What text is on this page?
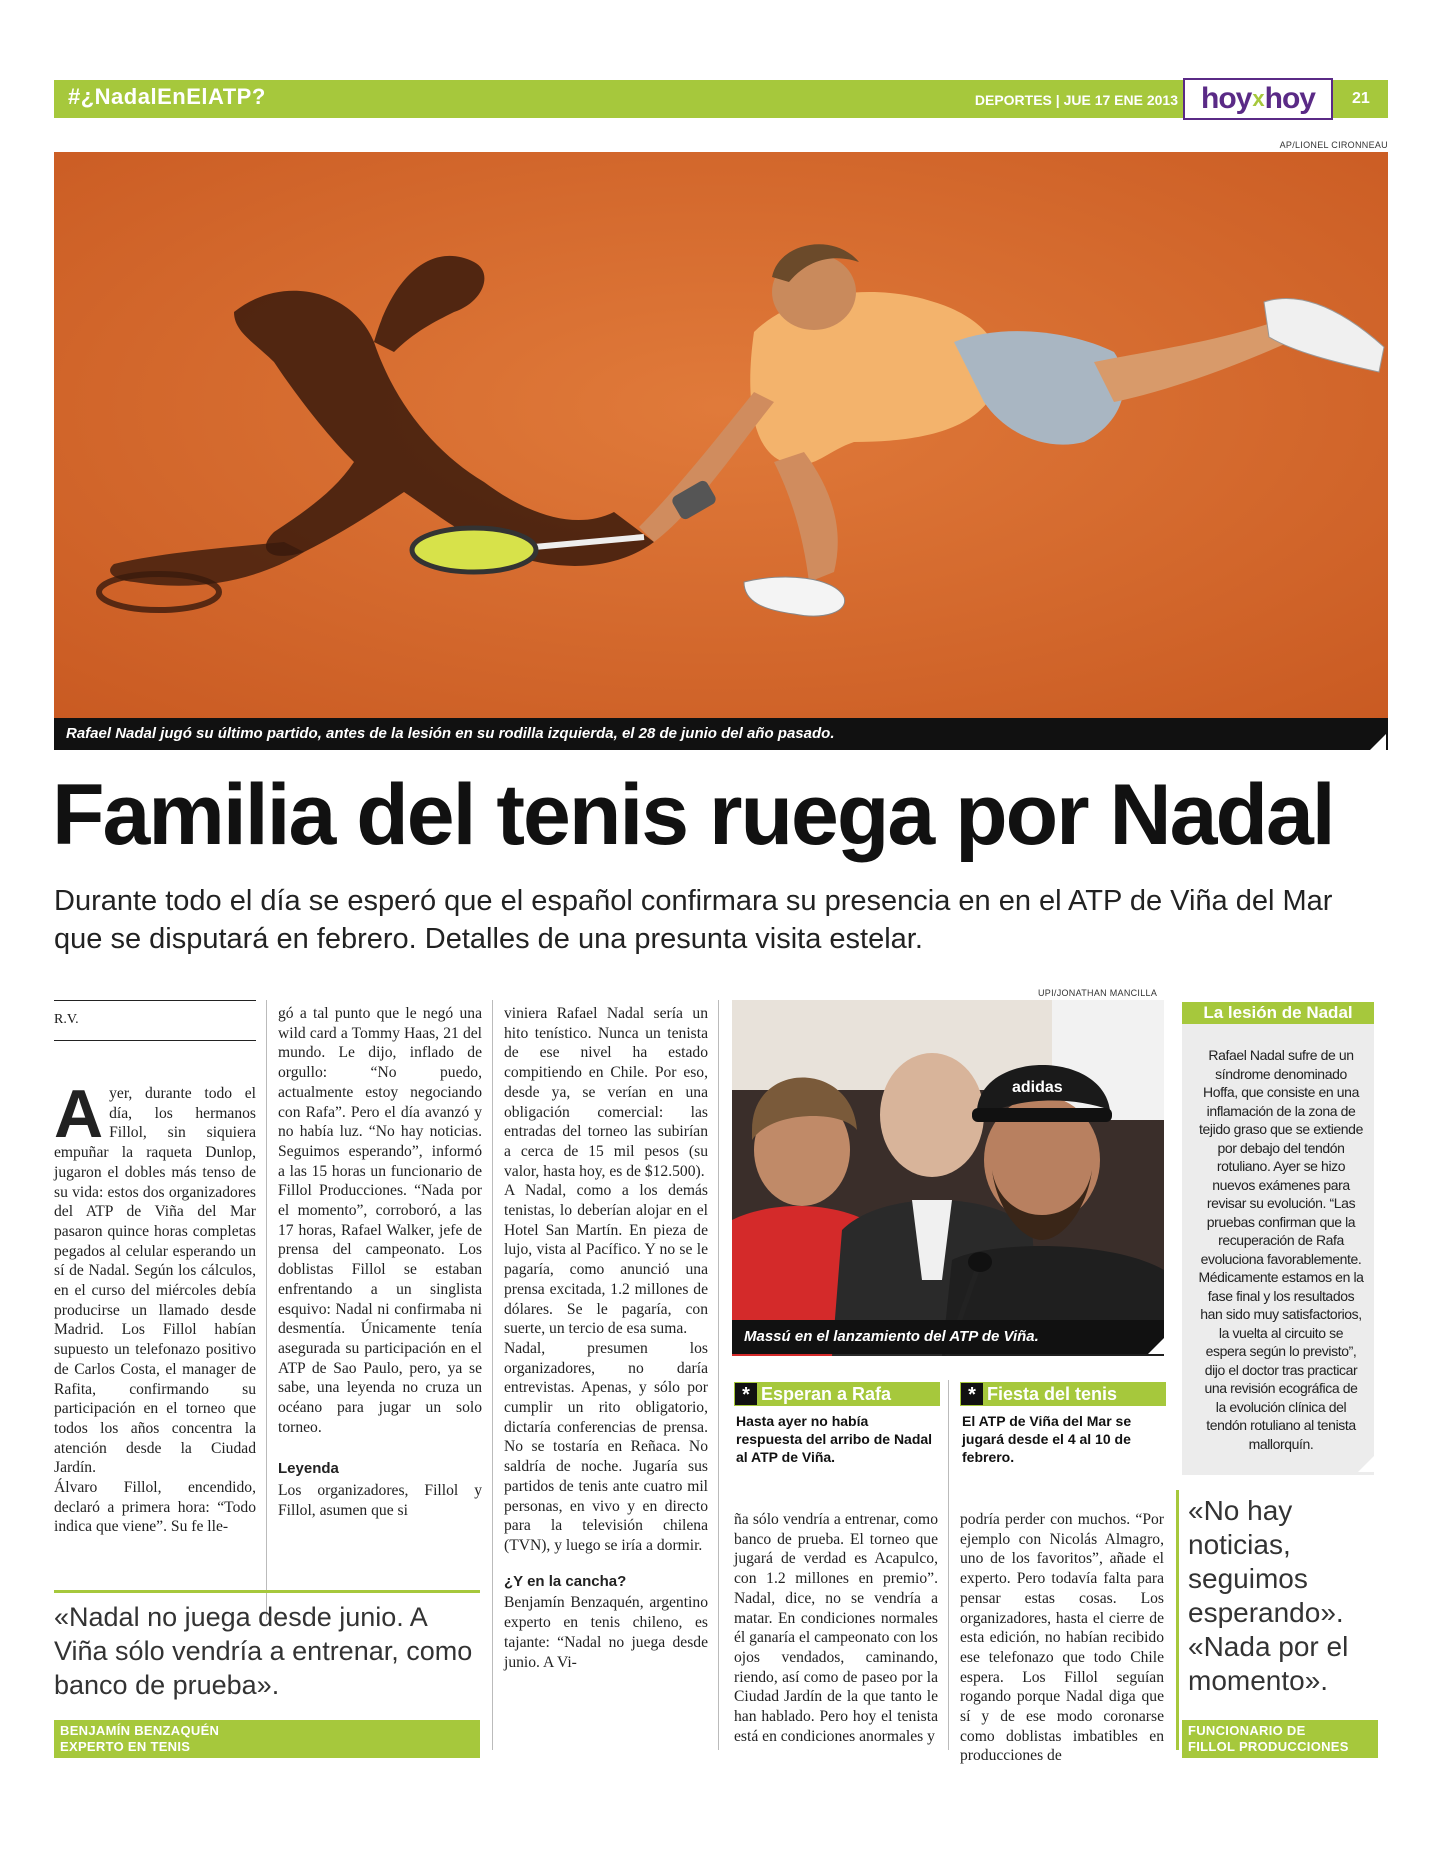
#¿NadalEnElATP?	DEPORTES | JUE 17 ENE 2013 hoy x hoy 21
AP/LIONEL CIRONNEAU
Rafael Nadal jugó su último partido, antes de la lesión en su rodilla izquierda, el 28 de junio del año pasado.
Familia del tenis ruega por Nadal
Durante todo el día se esperó que el español confirmara su presencia en en el ATP de Viña del Mar que se disputará en febrero. Detalles de una presunta visita estelar.
R.V.
A yer, durante todo el día, los hermanos Fillol, sin siquiera empuñar la raqueta Dunlop, jugaron el dobles más tenso de su vida: estos dos organizadores del ATP de Viña del Mar pasaron quince horas completas pegados al celular esperando un sí de Nadal. Según los cálculos, en el curso del miércoles debía producirse un llamado desde Madrid. Los Fillol habían supuesto un telefonazo positivo de Carlos Costa, el manager de Rafita, confirmando su participación en el torneo que todos los años concentra la atención desde la Ciudad Jardín.

Álvaro Fillol, encendido, declaró a primera hora: “Todo indica que viene”. Su fe lle-

gó a tal punto que le negó una wild card a Tommy Haas, 21 del mundo. Le dijo, inflado de orgullo: “No puedo, actualmente estoy negociando con Rafa”. Pero el día avanzó y no había luz. “No hay noticias. Seguimos esperando”, informó a las 15 horas un funcionario de Fillol Producciones. “Nada por el momento”, corroboró, a las 17 horas, Rafael Walker, jefe de prensa del campeonato. Los doblistas Fillol se estaban enfrentando a un singlista esquivo: Nadal ni confirmaba ni desmentía. Únicamente tenía asegurada su participación en el ATP de Sao Paulo, pero, ya se sabe, una leyenda no cruza un océano para jugar un solo torneo.

Leyenda

Los organizadores, Fillol y Fillol, asumen que si

viniera Rafael Nadal sería un hito tenístico. Nunca un tenista de ese nivel ha estado compitiendo en Chile. Por eso, desde ya, se verían en una obligación comercial: las entradas del torneo las subirían a cerca de 15 mil pesos (su valor, hasta hoy, es de $12.500).

A Nadal, como a los demás tenistas, lo deberían alojar en el Hotel San Martín. En pieza de lujo, vista al Pacífico. Y no se le pagaría, como anunció una prensa excitada, 1.2 millones de dólares. Se le pagaría, con suerte, un tercio de esa suma.

Nadal, presumen los organizadores, no daría entrevistas. Apenas, y sólo por cumplir un rito obligatorio, dictaría conferencias de prensa. No se tostaría en Reñaca. No saldría de noche. Jugaría sus partidos de tenis ante cuatro mil personas, en vivo y en directo para la televisión chilena (TVN), y luego se iría a dormir.

¿Y en la cancha?

Benjamín Benzaquén, argentino experto en tenis chileno, es tajante: “Nadal no juega desde junio. A Vi-

«Nadal no juega desde junio. A Viña sólo vendría a entrenar, como banco de prueba».
BENJAMÍN BENZAQUÉN
EXPERTO EN TENIS
UPI/JONATHAN MANCILLA
adidas
Massú en el lanzamiento del ATP de Viña.
* Esperan a Rafa
Hasta ayer no había respuesta del arribo de Nadal al ATP de Viña.
* Fiesta del tenis
El ATP de Viña del Mar se jugará desde el 4 al 10 de febrero.

ña sólo vendría a entrenar, como banco de prueba. El torneo que jugará de verdad es Acapulco, con 1.2 millones en premio”. Nadal, dice, no se vendría a matar. En condiciones normales él ganaría el campeonato con los ojos vendados, caminando, riendo, así como de paseo por la Ciudad Jardín de la que tanto le han hablado. Pero hoy el tenista está en condiciones anormales y

podría perder con muchos. “Por ejemplo con Nicolás Almagro, uno de los favoritos”, añade el experto. Pero todavía falta para pensar estas cosas. Los organizadores, hasta el cierre de esta edición, no habían recibido ese telefonazo que todo Chile espera. Los Fillol seguían rogando porque Nadal diga que sí y de ese modo coronarse como doblistas imbatibles en producciones de

La lesión de Nadal
Rafael Nadal sufre de un síndrome denominado Hoffa, que consiste en una inflamación de la zona de tejido graso que se extiende por debajo del tendón rotuliano. Ayer se hizo nuevos exámenes para revisar su evolución. “Las pruebas confirman que la recuperación de Rafa evoluciona favorablemente. Médicamente estamos en la fase final y los resultados han sido muy satisfactorios, la vuelta al circuito se espera según lo previsto”, dijo el doctor tras practicar una revisión ecográfica de la evolución clínica del tendón rotuliano al tenista mallorquín.
«No hay noticias, seguimos esperando». «Nada por el momento».
FUNCIONARIO DE
FILLOL PRODUCCIONES
